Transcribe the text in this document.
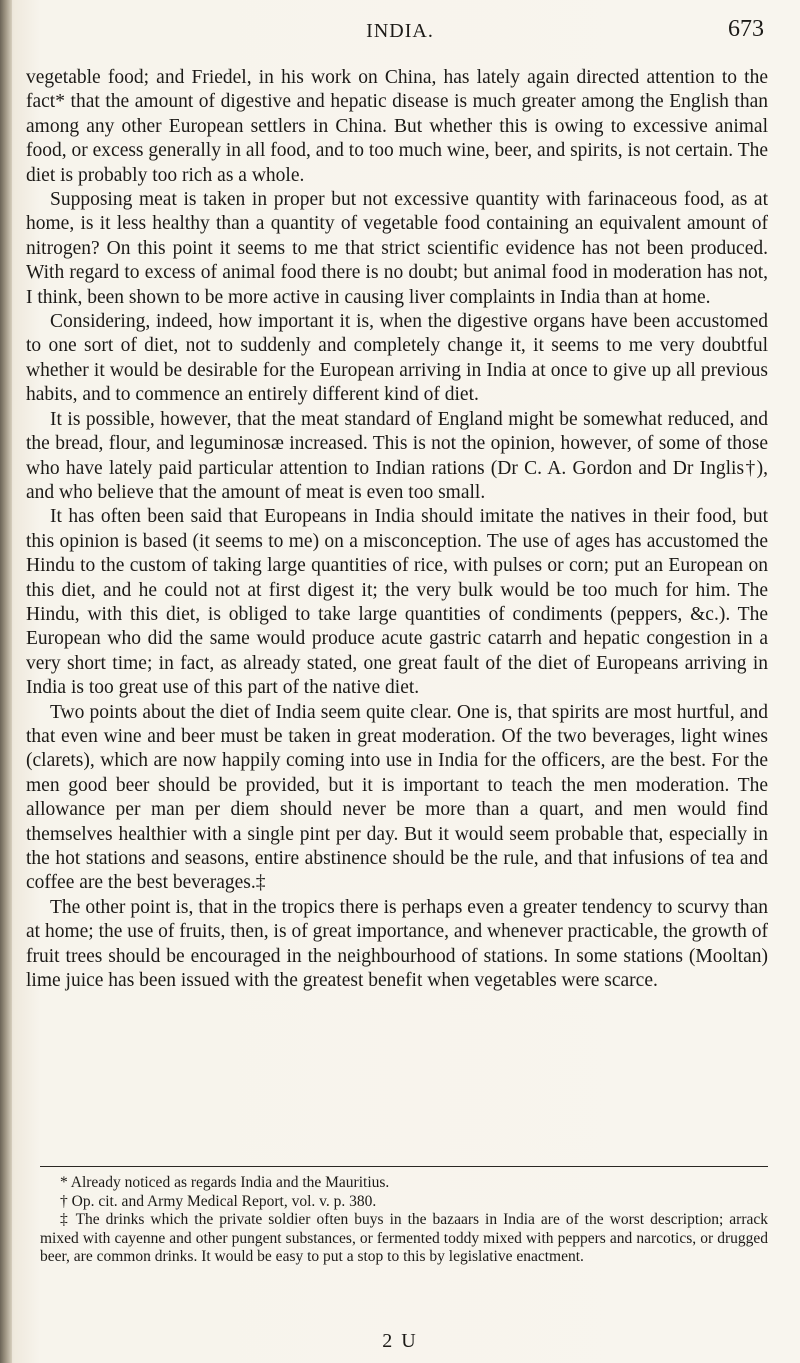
INDIA.	673

vegetable food; and Friedel, in his work on China, has lately again directed attention to the fact* that the amount of digestive and hepatic disease is much greater among the English than among any other European settlers in China. But whether this is owing to excessive animal food, or excess generally in all food, and to too much wine, beer, and spirits, is not certain. The diet is probably too rich as a whole.

Supposing meat is taken in proper but not excessive quantity with farinaceous food, as at home, is it less healthy than a quantity of vegetable food containing an equivalent amount of nitrogen? On this point it seems to me that strict scientific evidence has not been produced. With regard to excess of animal food there is no doubt; but animal food in moderation has not, I think, been shown to be more active in causing liver complaints in India than at home.

Considering, indeed, how important it is, when the digestive organs have been accustomed to one sort of diet, not to suddenly and completely change it, it seems to me very doubtful whether it would be desirable for the European arriving in India at once to give up all previous habits, and to commence an entirely different kind of diet.

It is possible, however, that the meat standard of England might be somewhat reduced, and the bread, flour, and leguminosæ increased. This is not the opinion, however, of some of those who have lately paid particular attention to Indian rations (Dr C. A. Gordon and Dr Inglis†), and who believe that the amount of meat is even too small.

It has often been said that Europeans in India should imitate the natives in their food, but this opinion is based (it seems to me) on a misconception. The use of ages has accustomed the Hindu to the custom of taking large quantities of rice, with pulses or corn; put an European on this diet, and he could not at first digest it; the very bulk would be too much for him. The Hindu, with this diet, is obliged to take large quantities of condiments (peppers, &c.). The European who did the same would produce acute gastric catarrh and hepatic congestion in a very short time; in fact, as already stated, one great fault of the diet of Europeans arriving in India is too great use of this part of the native diet.

Two points about the diet of India seem quite clear. One is, that spirits are most hurtful, and that even wine and beer must be taken in great moderation. Of the two beverages, light wines (clarets), which are now happily coming into use in India for the officers, are the best. For the men good beer should be provided, but it is important to teach the men moderation. The allowance per man per diem should never be more than a quart, and men would find themselves healthier with a single pint per day. But it would seem probable that, especially in the hot stations and seasons, entire abstinence should be the rule, and that infusions of tea and coffee are the best beverages.‡

The other point is, that in the tropics there is perhaps even a greater tendency to scurvy than at home; the use of fruits, then, is of great importance, and whenever practicable, the growth of fruit trees should be encouraged in the neighbourhood of stations. In some stations (Mooltan) lime juice has been issued with the greatest benefit when vegetables were scarce.

* Already noticed as regards India and the Mauritius.

† Op. cit. and Army Medical Report, vol. v. p. 380.

‡ The drinks which the private soldier often buys in the bazaars in India are of the worst description; arrack mixed with cayenne and other pungent substances, or fermented toddy mixed with peppers and narcotics, or drugged beer, are common drinks. It would be easy to put a stop to this by legislative enactment.

2 U
